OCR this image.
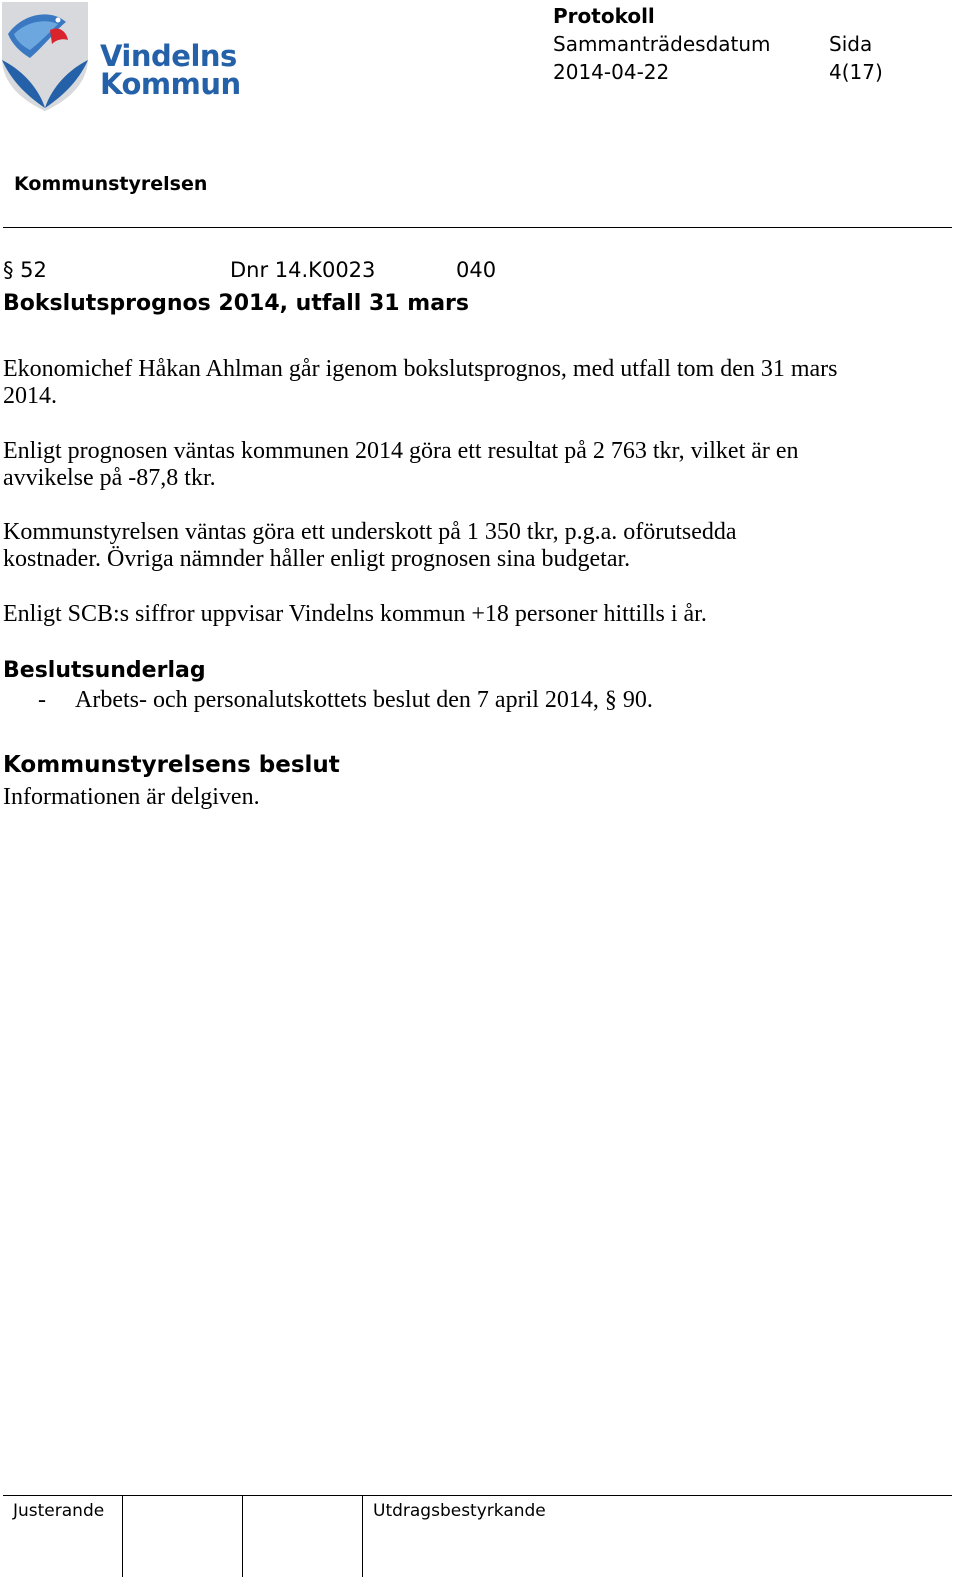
Vindelns
Kommun
Protokoll
Sammanträdesdatum
2014-04-22
Sida
4(17)
Kommunstyrelsen
§ 52	Dnr 14.K0023	040
Bokslutsprognos 2014, utfall 31 mars
Ekonomichef Håkan Ahlman går igenom bokslutsprognos, med utfall tom den 31 mars 2014.
Enligt prognosen väntas kommunen 2014 göra ett resultat på 2 763 tkr, vilket är en avvikelse på -87,8 tkr.
Kommunstyrelsen väntas göra ett underskott på 1 350 tkr, p.g.a. oförutsedda kostnader. Övriga nämnder håller enligt prognosen sina budgetar.
Enligt SCB:s siffror uppvisar Vindelns kommun +18 personer hittills i år.
Beslutsunderlag
- Arbets- och personalutskottets beslut den 7 april 2014, § 90.
Kommunstyrelsens beslut
Informationen är delgiven.
Justerande	Utdragsbestyrkande
